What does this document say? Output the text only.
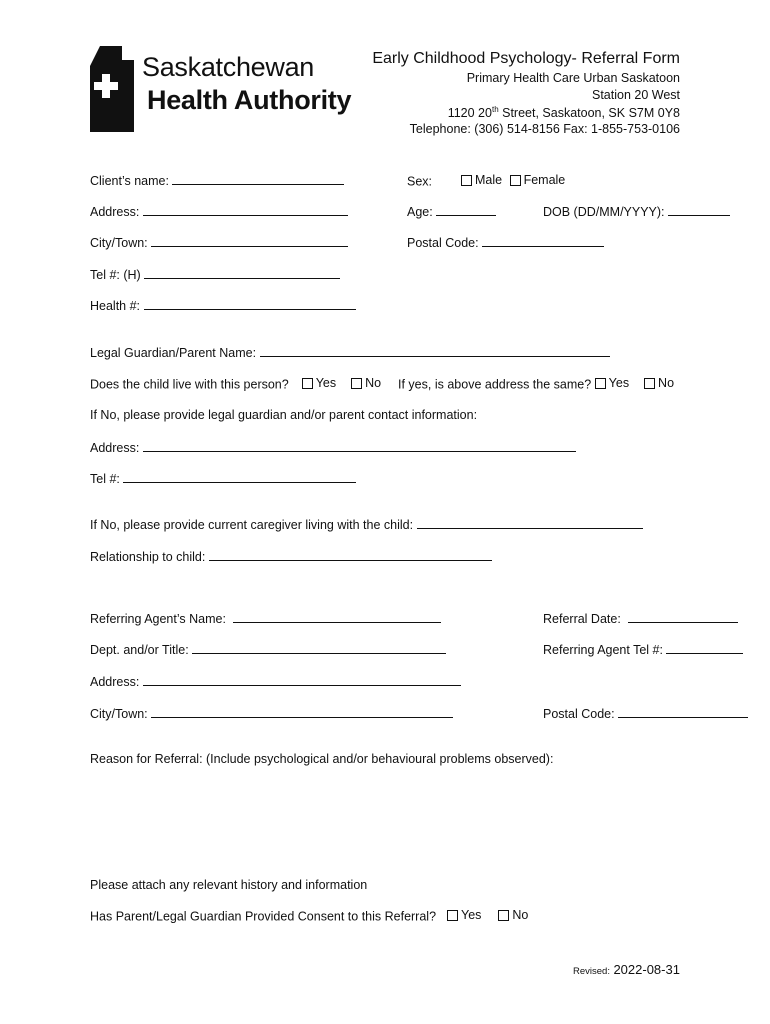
Saskatchewan
Health Authority
Early Childhood Psychology- Referral Form
Primary Health Care Urban Saskatoon
Station 20 West
1120 20th Street, Saskatoon, SK S7M 0Y8
Telephone: (306) 514-8156 Fax: 1-855-753-0106
Client’s name:	Sex:	Male
Female
Address:	Age:	DOB (DD/MM/YYYY):
City/Town:	Postal Code:
Tel #: (H)
Health #:
Legal Guardian/Parent Name:
Does the child live with this person? Yes
No If yes, is above address the same? Yes
No
If No, please provide legal guardian and/or parent contact information:
Address:
Tel #:
If No, please provide current caregiver living with the child:
Relationship to child:
Referring Agent’s Name:	Referral Date:
Dept. and/or Title:	Referring Agent Tel #:
Address:
City/Town:	Postal Code:
Reason for Referral: (Include psychological and/or behavioural problems observed):
Please attach any relevant history and information
Has Parent/Legal Guardian Provided Consent to this Referral? Yes
No
Revised: 2022-08-31
